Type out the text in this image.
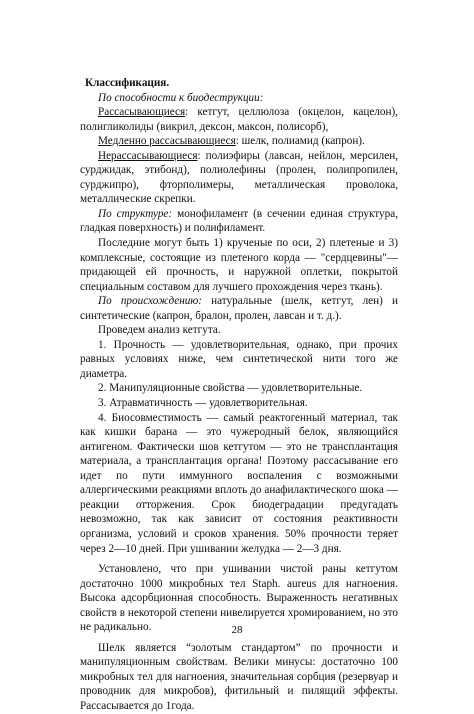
Классификация.

По способности к биодеструкции:

Рассасывающиеся: кетгут, целлюлоза (окцелон, кацелон), полигликолиды (викрил, дексон, максон, полисорб),

Медленно рассасывающиеся: шелк, полиамид (капрон).

Нерассасывающиеся: полиэфиры (лавсан, нейлон, мерсилен, сурджидак, этибонд), полиолефины (пролен, полипропилен, сурджипро), фторполимеры, металлическая проволока, металлические скрепки.

По структуре: монофиламент (в сечении единая структура, гладкая поверхность) и полифиламент.

Последние могут быть 1) крученые по оси, 2) плетеные и 3) комплексные, состоящие из плетеного корда — "сердцевины"— придающей ей прочность, и наружной оплетки, покрытой специальным составом для лучшего прохождения через ткань).

По происхождению: натуральные (шелк, кетгут, лен) и синтетические (капрон, бралон, пролен, лавсан и т. д.).

Проведем анализ кетгута.

1. Прочность — удовлетворительная, однако, при прочих равных условиях ниже, чем синтетической нити того же диаметра.

2. Манипуляционные свойства — удовлетворительные.

3. Атравматичность — удовлетворительная.

4. Биосовместимость — самый реактогенный материал, так как кишки барана — это чужеродный белок, являющийся антигеном. Фактически шов кетгутом — это не трансплантация материала, а трансплантация органа! Поэтому рассасывание его идет по пути иммунного воспаления с возможными аллергическими реакциями вплоть до анафилактического шока — реакции отторжения. Срок биодеградации предугадать невозможно, так как зависит от состояния реактивности организма, условий и сроков хранения. 50% прочности теряет через 2—10 дней. При ушивании желудка — 2—3 дня.

Установлено, что при ушивании чистой раны кетгутом достаточно 1000 микробных тел Staph. aureus для нагноения. Высока адсорбционная способность. Выраженность негативных свойств в некоторой степени нивелируется хромированием, но это не радикально.

Шелк является “золотым стандартом” по прочности и манипуляционным свойствам. Велики минусы: достаточно 100 микробных тел для нагноения, значительная сорбция (резервуар и проводник для микробов), фитильный и пилящий эффекты. Рассасывается до 1года.

28
